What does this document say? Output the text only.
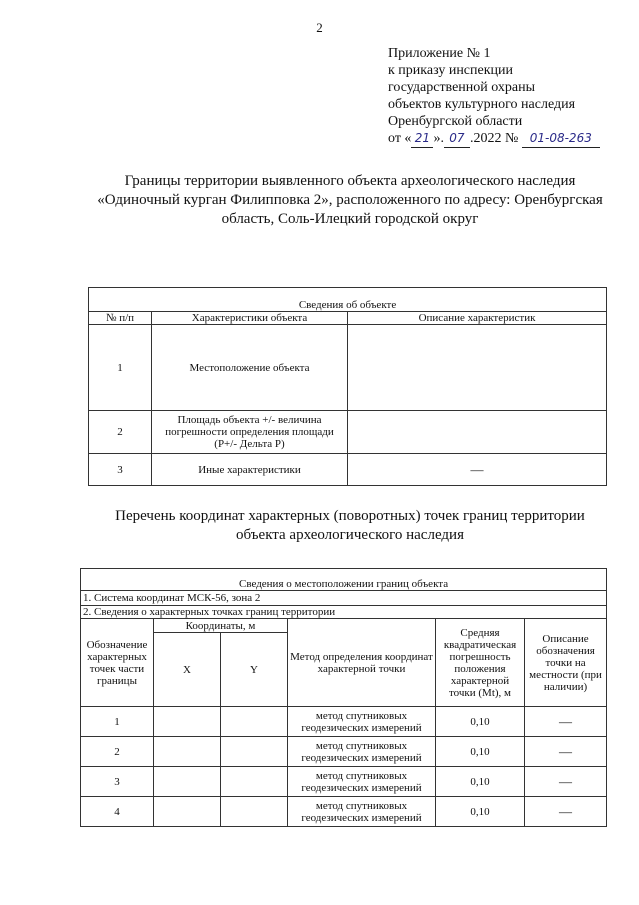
2
Приложение № 1
к приказу инспекции
государственной охраны
объектов культурного наследия
Оренбургской области
от « 21 ». 07 .2022 № 01-08-263
Границы территории выявленного объекта археологического наследия
«Одиночный курган Филипповка 2», расположенного по адресу: Оренбургская
область, Соль-Илецкий городской округ
Сведения об объекте		
№ п/п	Характеристики объекта	Описание характеристик
1	Местоположение объекта	
2	Площадь объекта +/- величина погрешности определения площади (P+/- Дельта P)	
3	Иные характеристики	—
Перечень координат характерных (поворотных) точек границ территории
объекта археологического наследия
Сведения о местоположении границ объекта					
1. Система координат МСК-56, зона 2					
2. Сведения о характерных точках границ территории					
Обозначение характерных точек части границы	Координаты, м		Метод определения координат характерной точки	Средняя квадратическая погрешность положения характерной точки (Mt), м	Описание обозначения точки на местности (при наличии)
	X	Y			
1			метод спутниковых геодезических измерений	0,10	—
2			метод спутниковых геодезических измерений	0,10	—
3			метод спутниковых геодезических измерений	0,10	—
4			метод спутниковых геодезических измерений	0,10	—
